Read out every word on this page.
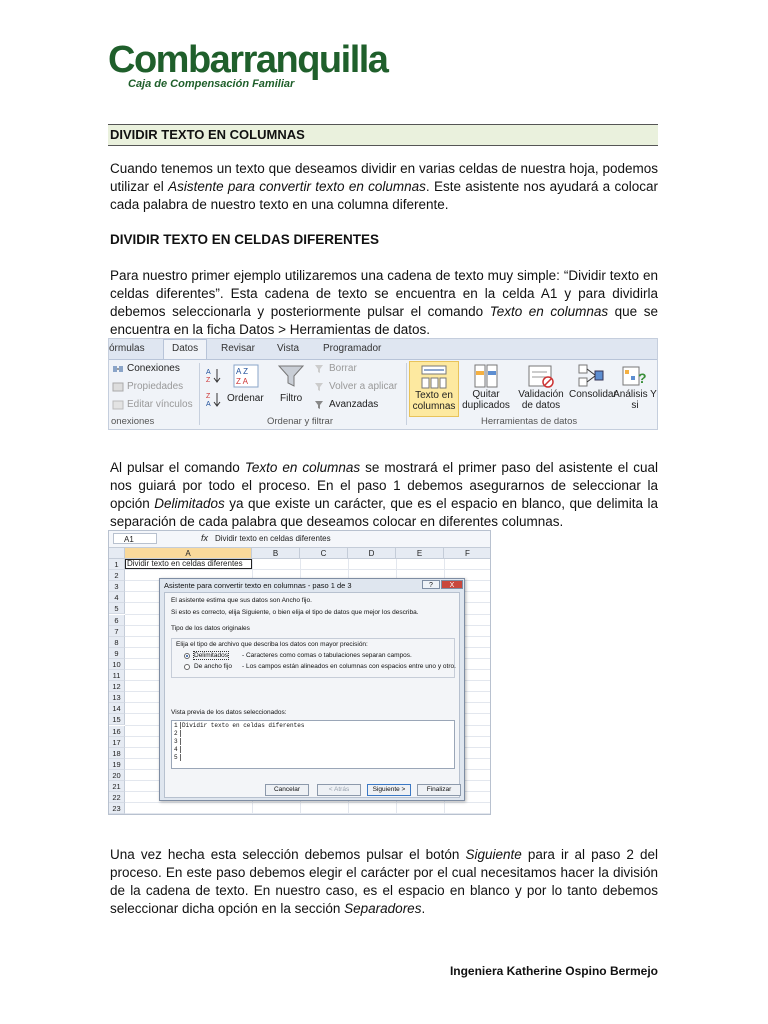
Combarranquilla
Caja de Compensación Familiar
DIVIDIR TEXTO EN COLUMNAS

Cuando tenemos un texto que deseamos dividir en varias celdas de nuestra hoja, podemos utilizar el Asistente para convertir texto en columnas. Este asistente nos ayudará a colocar cada palabra de nuestro texto en una columna diferente.

DIVIDIR TEXTO EN CELDAS DIFERENTES

Para nuestro primer ejemplo utilizaremos una cadena de texto muy simple: “Dividir texto en celdas diferentes”. Esta cadena de texto se encuentra en la celda A1 y para dividirla debemos seleccionarla y posteriormente pulsar el comando Texto en columnas que se encuentra en la ficha Datos > Herramientas de datos.

órmulas	Datos	Revisar Vista Programador
Conexiones
Propiedades
Editar vínculos
onexiones
A
Z
Z
A
A Z
Z A
Ordenar Filtro
Borrar
Volver a aplicar
Avanzadas
Ordenar y filtrar
Texto en columnas
Quitar duplicados
Validación de datos
Consolidar
?
Análisis Y si
Herramientas de datos

Al pulsar el comando Texto en columnas se mostrará el primer paso del asistente el cual nos guiará por todo el proceso. En el paso 1 debemos asegurarnos de seleccionar la opción Delimitados ya que existe un carácter, que es el espacio en blanco, que delimita la separación de cada palabra que deseamos colocar en diferentes columnas.

A1	fx Dividir texto en celdas diferentes
A	B	C	D	E	F
1
2
3
4
5
6
7
8
9
10
11
12
13
14
15
16
17
18
19
20
21
22
23
Dividir texto en celdas diferentes
Asistente para convertir texto en columnas - paso 1 de 3	?	X
El asistente estima que sus datos son Ancho fijo.
Si esto es correcto, elija Siguiente, o bien elija el tipo de datos que mejor los describa.
Tipo de los datos originales
Elija el tipo de archivo que describa los datos con mayor precisión:
Delimitados - Caracteres como comas o tabulaciones separan campos.
De ancho fijo - Los campos están alineados en columnas con espacios entre uno y otro.
Vista previa de los datos seleccionados:
1
2
3
4
5
Dividir texto en celdas diferentes
Cancelar	< Atrás	Siguiente >	Finalizar

Una vez hecha esta selección debemos pulsar el botón Siguiente para ir al paso 2 del proceso. En este paso debemos elegir el carácter por el cual necesitamos hacer la división de la cadena de texto. En nuestro caso, es el espacio en blanco y por lo tanto debemos seleccionar dicha opción en la sección Separadores.

Ingeniera Katherine Ospino Bermejo
